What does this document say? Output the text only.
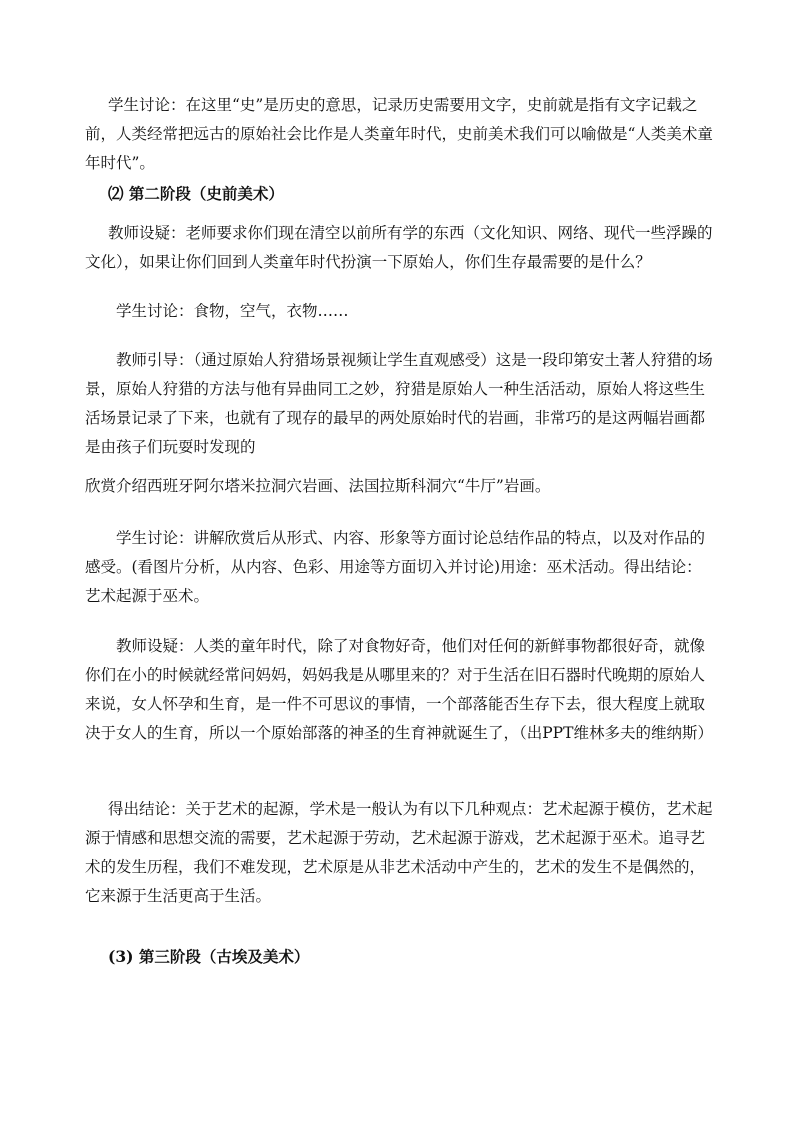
学生讨论：在这里“史”是历史的意思，记录历史需要用文字，史前就是指有文字记载之前，人类经常把远古的原始社会比作是人类童年时代，史前美术我们可以喻做是“人类美术童年时代”。

⑵ 第二阶段（史前美术）

教师设疑：老师要求你们现在清空以前所有学的东西（文化知识、网络、现代一些浮躁的文化），如果让你们回到人类童年时代扮演一下原始人，你们生存最需要的是什么？

学生讨论：食物，空气，衣物……

教师引导：（通过原始人狩猎场景视频让学生直观感受）这是一段印第安土著人狩猎的场景，原始人狩猎的方法与他有异曲同工之妙，狩猎是原始人一种生活活动，原始人将这些生活场景记录了下来，也就有了现存的最早的两处原始时代的岩画，非常巧的是这两幅岩画都是由孩子们玩耍时发现的

欣赏介绍西班牙阿尔塔米拉洞穴岩画、法国拉斯科洞穴“牛厅”岩画。

学生讨论：讲解欣赏后从形式、内容、形象等方面讨论总结作品的特点，以及对作品的感受。(看图片分析，从内容、色彩、用途等方面切入并讨论)用途：巫术活动。得出结论：艺术起源于巫术。

教师设疑：人类的童年时代，除了对食物好奇，他们对任何的新鲜事物都很好奇，就像你们在小的时候就经常问妈妈，妈妈我是从哪里来的？对于生活在旧石器时代晚期的原始人来说，女人怀孕和生育，是一件不可思议的事情，一个部落能否生存下去，很大程度上就取决于女人的生育，所以一个原始部落的神圣的生育神就诞生了，（出PPT维林多夫的维纳斯）

得出结论：关于艺术的起源，学术是一般认为有以下几种观点：艺术起源于模仿，艺术起源于情感和思想交流的需要，艺术起源于劳动，艺术起源于游戏，艺术起源于巫术。追寻艺术的发生历程，我们不难发现，艺术原是从非艺术活动中产生的，艺术的发生不是偶然的，它来源于生活更高于生活。

(3) 第三阶段（古埃及美术）
